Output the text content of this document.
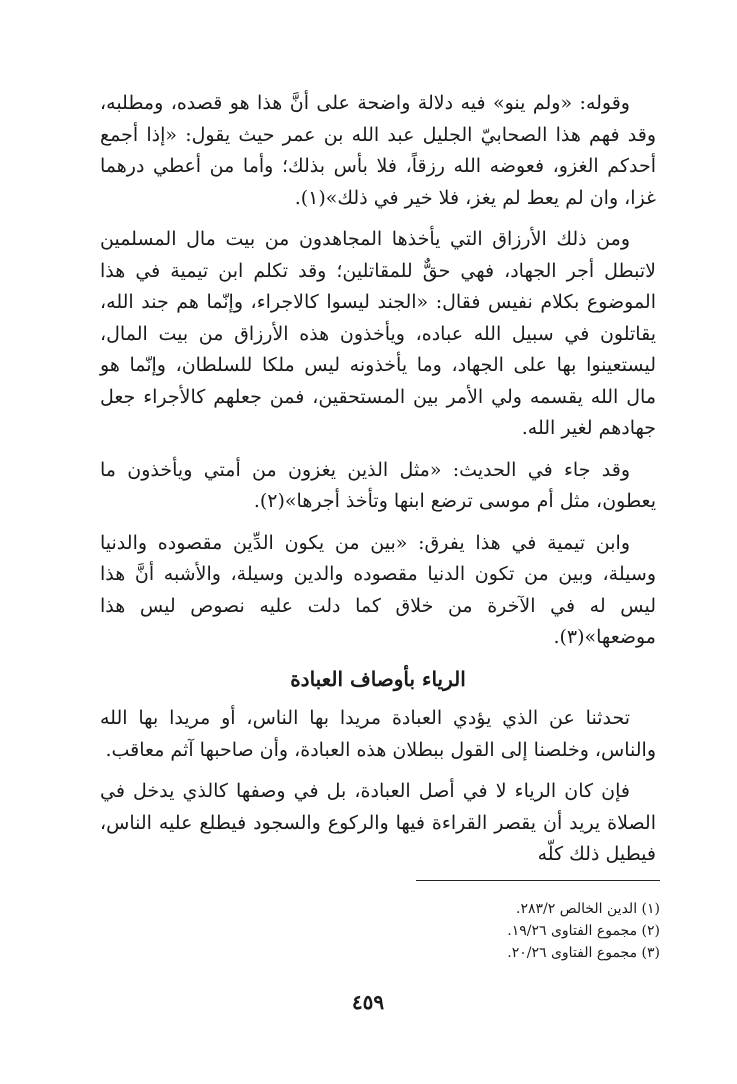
وقوله: «ولم ينو» فيه دلالة واضحة على أنَّ هذا هو قصده، ومطلبه، وقد فهم هذا الصحابيّ الجليل عبد الله بن عمر حيث يقول: «إذا أجمع أحدكم الغزو، فعوضه الله رزقاً، فلا بأس بذلك؛ وأما من أعطي درهما غزا، وان لم يعط لم يغز، فلا خير في ذلك»(١).

ومن ذلك الأرزاق التي يأخذها المجاهدون من بيت مال المسلمين لاتبطل أجر الجهاد، فهي حقٌّ للمقاتلين؛ وقد تكلم ابن تيمية في هذا الموضوع بكلام نفيس فقال: «الجند ليسوا كالاجراء، وإنّما هم جند الله، يقاتلون في سبيل الله عباده، ويأخذون هذه الأرزاق من بيت المال، ليستعينوا بها على الجهاد، وما يأخذونه ليس ملكا للسلطان، وإنّما هو مال الله يقسمه ولي الأمر بين المستحقين، فمن جعلهم كالأجراء جعل جهادهم لغير الله.

وقد جاء في الحديث: «مثل الذين يغزون من أمتي ويأخذون ما يعطون، مثل أم موسى ترضع ابنها وتأخذ أجرها»(٢).

وابن تيمية في هذا يفرق: «بين من يكون الدِّين مقصوده والدنيا وسيلة، وبين من تكون الدنيا مقصوده والدين وسيلة، والأشبه أنَّ هذا ليس له في الآخرة من خلاق كما دلت عليه نصوص ليس هذا موضعها»(٣).

الرياء بأوصاف العبادة

تحدثنا عن الذي يؤدي العبادة مريدا بها الناس، أو مريدا بها الله والناس، وخلصنا إلى القول ببطلان هذه العبادة، وأن صاحبها آثم معاقب.

فإن كان الرياء لا في أصل العبادة، بل في وصفها كالذي يدخل في الصلاة يريد أن يقصر القراءة فيها والركوع والسجود فيطلع عليه الناس، فيطيل ذلك كلّه

(١) الدين الخالص ٢٨٣/٢.
(٢) مجموع الفتاوى ١٩/٢٦.
(٣) مجموع الفتاوى ٢٠/٢٦.
٤٥٩
